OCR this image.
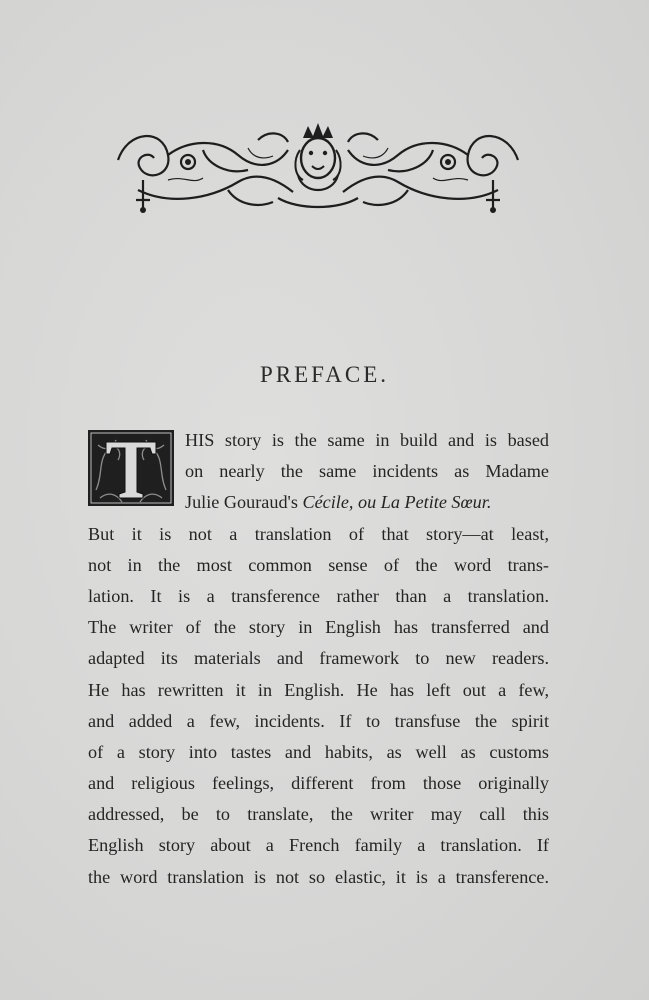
PREFACE.
HIS story is the same in build and is based
on nearly the same incidents as Madame
Julie Gouraud's Cécile, ou La Petite Sœur.
But it is not a translation of that story—at least,
not in the most common sense of the word trans-
lation. It is a transference rather than a translation.
The writer of the story in English has transferred and
adapted its materials and framework to new readers.
He has rewritten it in English. He has left out a few,
and added a few, incidents. If to transfuse the spirit
of a story into tastes and habits, as well as customs
and religious feelings, different from those originally
addressed, be to translate, the writer may call this
English story about a French family a translation. If
the word translation is not so elastic, it is a transference.
